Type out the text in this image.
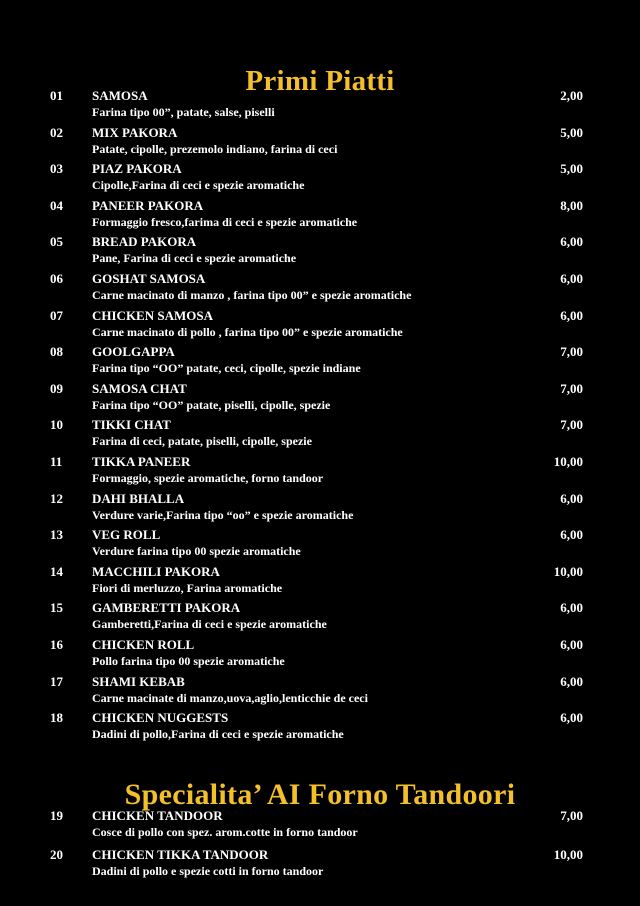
Primi Piatti
01 SAMOSA	2,00
Farina tipo 00”, patate, salse, piselli
02 MIX PAKORA	5,00
Patate, cipolle, prezemolo indiano, farina di ceci
03 PIAZ PAKORA	5,00
Cipolle,Farina di ceci e spezie aromatiche
04 PANEER PAKORA	8,00
Formaggio fresco,farima di ceci e spezie aromatiche
05 BREAD PAKORA	6,00
Pane, Farina di ceci e spezie aromatiche
06 GOSHAT SAMOSA	6,00
Carne macinato di manzo , farina tipo 00” e spezie aromatiche
07 CHICKEN SAMOSA	6,00
Carne macinato di pollo , farina tipo 00” e spezie aromatiche
08 GOOLGAPPA	7,00
Farina tipo “OO” patate, ceci, cipolle, spezie indiane
09 SAMOSA CHAT	7,00
Farina tipo “OO” patate, piselli, cipolle, spezie
10 TIKKI CHAT	7,00
Farina di ceci, patate, piselli, cipolle, spezie
11 TIKKA PANEER	10,00
Formaggio, spezie aromatiche, forno tandoor
12 DAHI BHALLA	6,00
Verdure varie,Farina tipo “oo” e spezie aromatiche
13 VEG ROLL	6,00
Verdure farina tipo 00 spezie aromatiche
14 MACCHILI PAKORA	10,00
Fiori di merluzzo, Farina aromatiche
15 GAMBERETTI PAKORA	6,00
Gamberetti,Farina di ceci e spezie aromatiche
16 CHICKEN ROLL	6,00
Pollo farina tipo 00 spezie aromatiche
17 SHAMI KEBAB	6,00
Carne macinate di manzo,uova,aglio,lenticchie de ceci
18 CHICKEN NUGGESTS	6,00
Dadini di pollo,Farina di ceci e spezie aromatiche
Specialita’ AI Forno Tandoori
19 CHICKEN TANDOOR	7,00
Cosce di pollo con spez. arom.cotte in forno tandoor
20 CHICKEN TIKKA TANDOOR	10,00
Dadini di pollo e spezie cotti in forno tandoor
